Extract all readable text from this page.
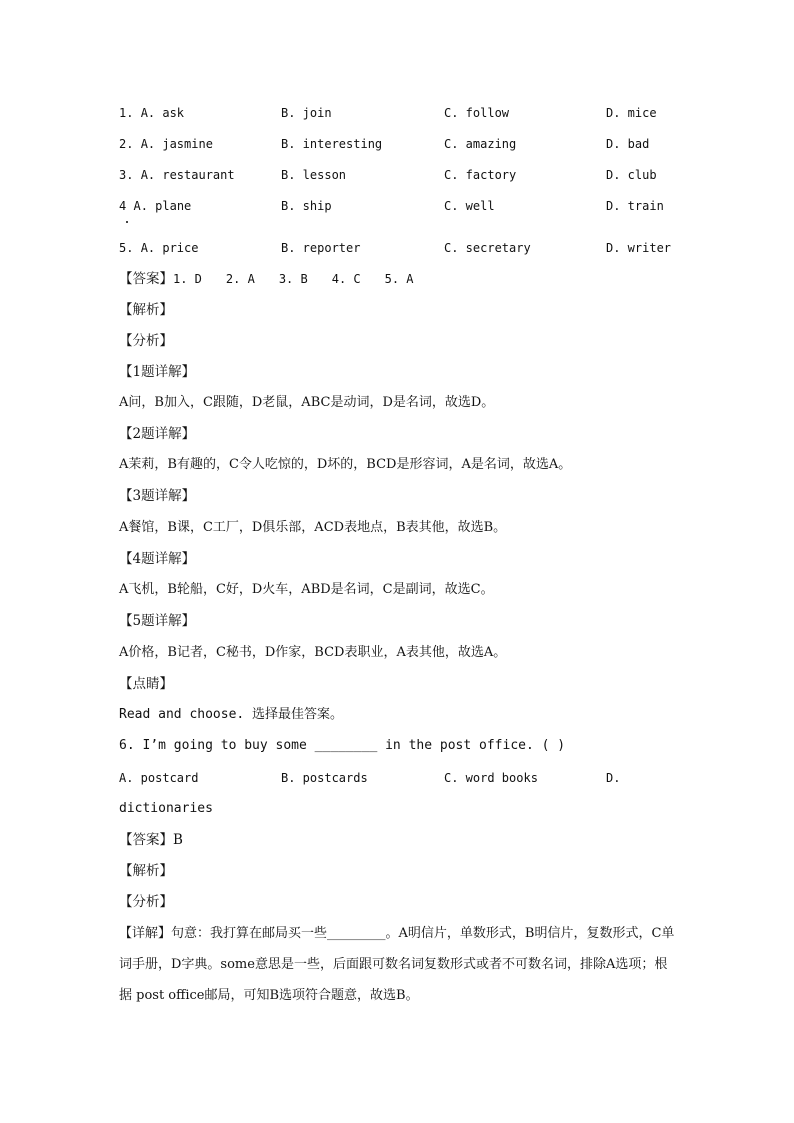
1. A. ask	B. join	C. follow	D. mice
2. A. jasmine	B. interesting	C. amazing	D. bad
3. A. restaurant	B. lesson	C. factory	D. club
4 A. plane	B. ship	C. well	D. train
5. A. price	B. reporter	C. secretary	D. writer
【答案】1. D 2. A 3. B 4. C 5. A
【解析】
【分析】
【1题详解】
A问，B加入，C跟随，D老鼠，ABC是动词，D是名词，故选D。
【2题详解】
A茉莉，B有趣的，C令人吃惊的，D坏的，BCD是形容词，A是名词，故选A。
【3题详解】
A餐馆，B课，C工厂，D俱乐部，ACD表地点，B表其他，故选B。
【4题详解】
A飞机，B轮船，C好，D火车，ABD是名词，C是副词，故选C。
【5题详解】
A价格，B记者，C秘书，D作家，BCD表职业，A表其他，故选A。
【点睛】
Read and choose. 选择最佳答案。
6. I’m going to buy some ________ in the post office. ( )
A. postcard	B. postcards	C. word books	D.
dictionaries
【答案】B
【解析】
【分析】
【详解】句意：我打算在邮局买一些_________。A明信片，单数形式，B明信片，复数形式，C单词手册，D字典。some意思是一些，后面跟可数名词复数形式或者不可数名词，排除A选项；根据 post office邮局，可知B选项符合题意，故选B。
